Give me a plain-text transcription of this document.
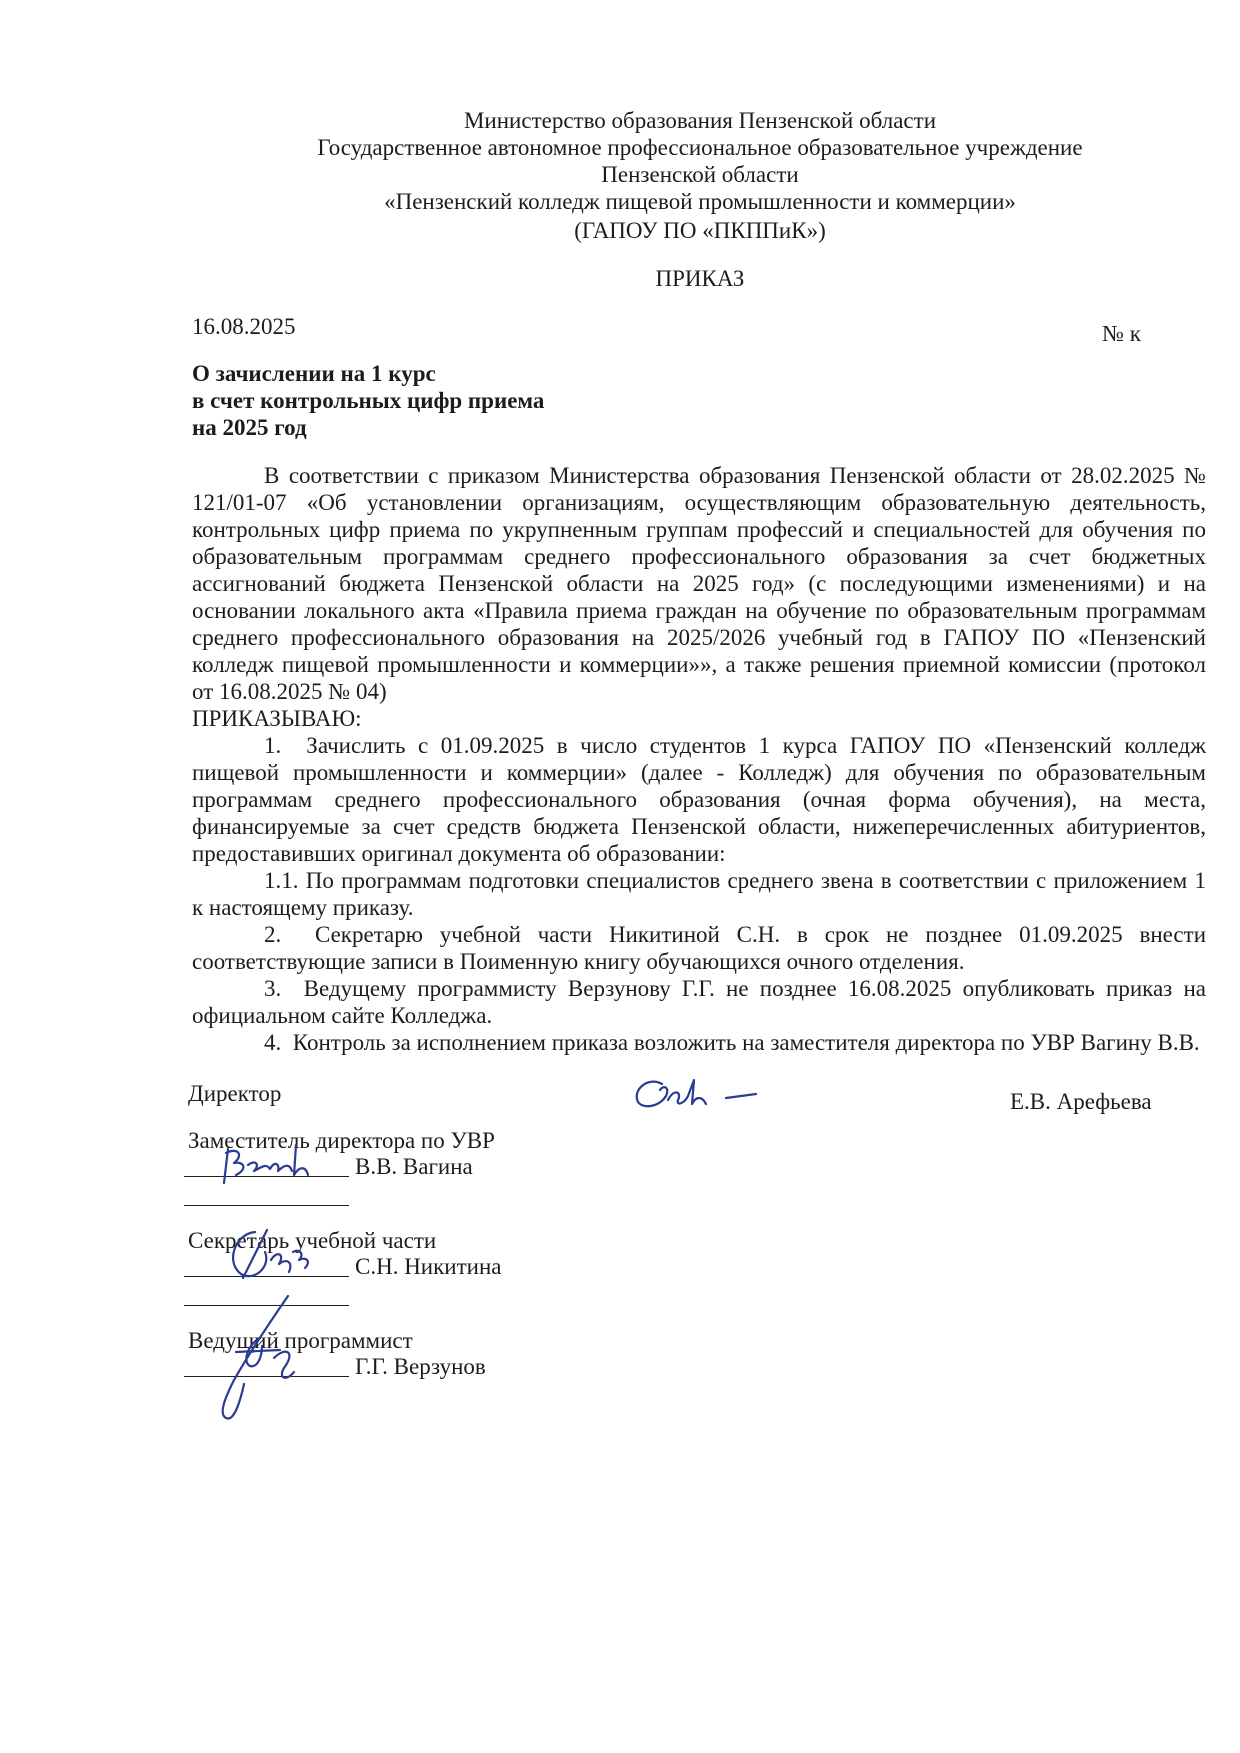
Министерство образования Пензенской области
Государственное автономное профессиональное образовательное учреждение
Пензенской области
«Пензенский колледж пищевой промышленности и коммерции»
(ГАПОУ ПО «ПКППиК»)
ПРИКАЗ
16.08.2025	№ к
О зачислении на 1 курс
в счет контрольных цифр приема
на 2025 год

В соответствии с приказом Министерства образования Пензенской области от 28.02.2025 № 121/01-07 «Об установлении организациям, осуществляющим образовательную деятельность, контрольных цифр приема по укрупненным группам профессий и специальностей для обучения по образовательным программам среднего профессионального образования за счет бюджетных ассигнований бюджета Пензенской области на 2025 год» (с последующими изменениями) и на основании локального акта «Правила приема граждан на обучение по образовательным программам среднего профессионального образования на 2025/2026 учебный год в ГАПОУ ПО «Пензенский колледж пищевой промышленности и коммерции»», а также решения приемной комиссии (протокол от 16.08.2025 № 04)

ПРИКАЗЫВАЮ:

1.  Зачислить с 01.09.2025 в число студентов 1 курса ГАПОУ ПО «Пензенский колледж пищевой промышленности и коммерции» (далее - Колледж) для обучения по образовательным программам среднего профессионального образования (очная форма обучения), на места, финансируемые за счет средств бюджета Пензенской области, нижеперечисленных абитуриентов, предоставивших оригинал документа об образовании:

1.1. По программам подготовки специалистов среднего звена в соответствии с приложением 1 к настоящему приказу.

2.  Секретарю учебной части Никитиной С.Н. в срок не позднее 01.09.2025 внести соответствующие записи в Поименную книгу обучающихся очного отделения.

3.  Ведущему программисту Верзунову Г.Г. не позднее 16.08.2025 опубликовать приказ на официальном сайте Колледжа.

4.  Контроль за исполнением приказа возложить на заместителя директора по УВР Вагину В.В.

Директор	Е.В. Арефьева
Заместитель директора по УВР
В.В. Вагина
Секретарь учебной части
С.Н. Никитина
Ведущий программист
Г.Г. Верзунов
